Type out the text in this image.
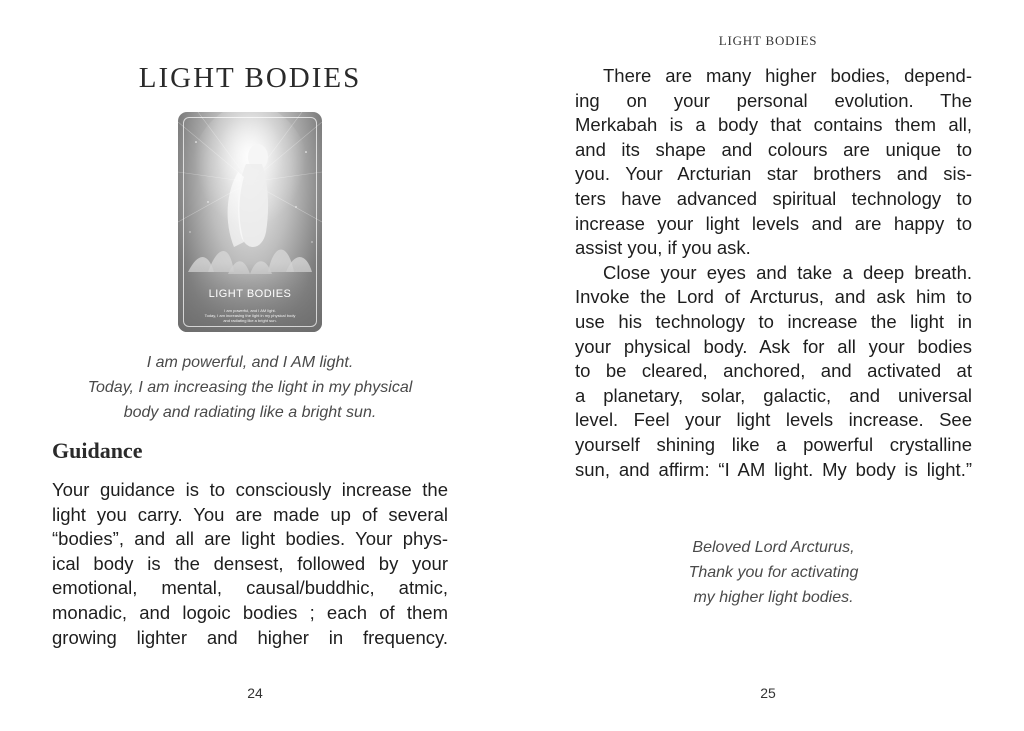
LIGHT BODIES
LIGHT BODIES
I am powerful, and I AM light.
Today, I am increasing the light in my physical body
and radiating like a bright sun.
I am powerful, and I AM light.
Today, I am increasing the light in my physical
body and radiating like a bright sun.
Guidance
Your guidance is to consciously increase the
light you carry. You are made up of several
“bodies”, and all are light bodies. Your phys-
ical body is the densest, followed by your
emotional, mental, causal/buddhic, atmic,
monadic, and logoic bodies ; each of them
growing lighter and higher in frequency.
24
LIGHT BODIES
There are many higher bodies, depend-
ing on your personal evolution. The
Merkabah is a body that contains them all,
and its shape and colours are unique to
you. Your Arcturian star brothers and sis-
ters have advanced spiritual technology to
increase your light levels and are happy to
assist you, if you ask.
Close your eyes and take a deep breath.
Invoke the Lord of Arcturus, and ask him to
use his technology to increase the light in
your physical body. Ask for all your bodies
to be cleared, anchored, and activated at
a planetary, solar, galactic, and universal
level. Feel your light levels increase. See
yourself shining like a powerful crystalline
sun, and affirm: “I AM light. My body is light.”
Beloved Lord Arcturus,
Thank you for activating
my higher light bodies.
25
